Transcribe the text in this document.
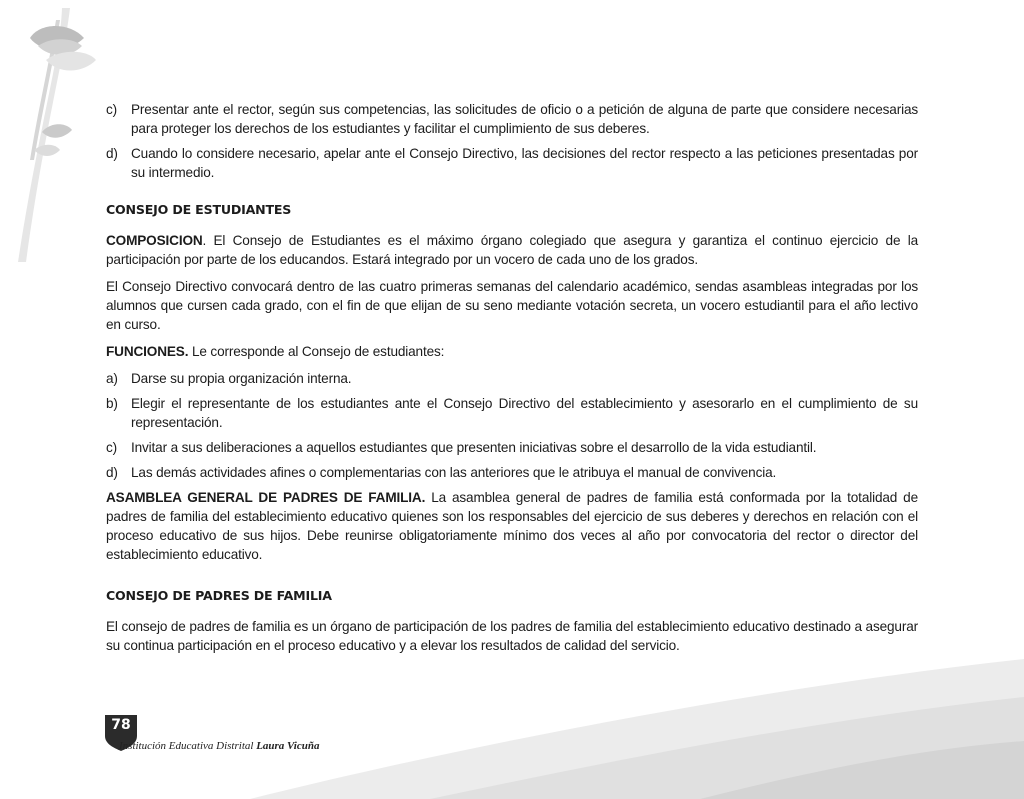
c) Presentar ante el rector, según sus competencias, las solicitudes de oficio o a petición de alguna de parte que considere necesarias para proteger los derechos de los estudiantes y facilitar el cumplimiento de sus deberes.
d) Cuando lo considere necesario, apelar ante el Consejo Directivo, las decisiones del rector respecto a las peticiones presentadas por su intermedio.
CONSEJO DE ESTUDIANTES

COMPOSICION. El Consejo de Estudiantes es el máximo órgano colegiado que asegura y garantiza el continuo ejercicio de la participación por parte de los educandos. Estará integrado por un vocero de cada uno de los grados.

El Consejo Directivo convocará dentro de las cuatro primeras semanas del calendario académico, sendas asambleas integradas por los alumnos que cursen cada grado, con el fin de que elijan de su seno mediante votación secreta, un vocero estudiantil para el año lectivo en curso.

FUNCIONES. Le corresponde al Consejo de estudiantes:

a) Darse su propia organización interna.
b) Elegir el representante de los estudiantes ante el Consejo Directivo del establecimiento y asesorarlo en el cumplimiento de su representación.
c) Invitar a sus deliberaciones a aquellos estudiantes que presenten iniciativas sobre el desarrollo de la vida estudiantil.
d) Las demás actividades afines o complementarias con las anteriores que le atribuya el manual de convivencia.

ASAMBLEA GENERAL DE PADRES DE FAMILIA. La asamblea general de padres de familia está conformada por la totalidad de padres de familia del establecimiento educativo quienes son los responsables del ejercicio de sus deberes y derechos en relación con el proceso educativo de sus hijos. Debe reunirse obligatoriamente mínimo dos veces al año por convocatoria del rector o director del establecimiento educativo.

CONSEJO DE PADRES DE FAMILIA

El consejo de padres de familia es un órgano de participación de los padres de familia del establecimiento educativo destinado a asegurar su continua participación en el proceso educativo y a elevar los resultados de calidad del servicio.

78
Institución Educativa Distrital Laura Vicuña
